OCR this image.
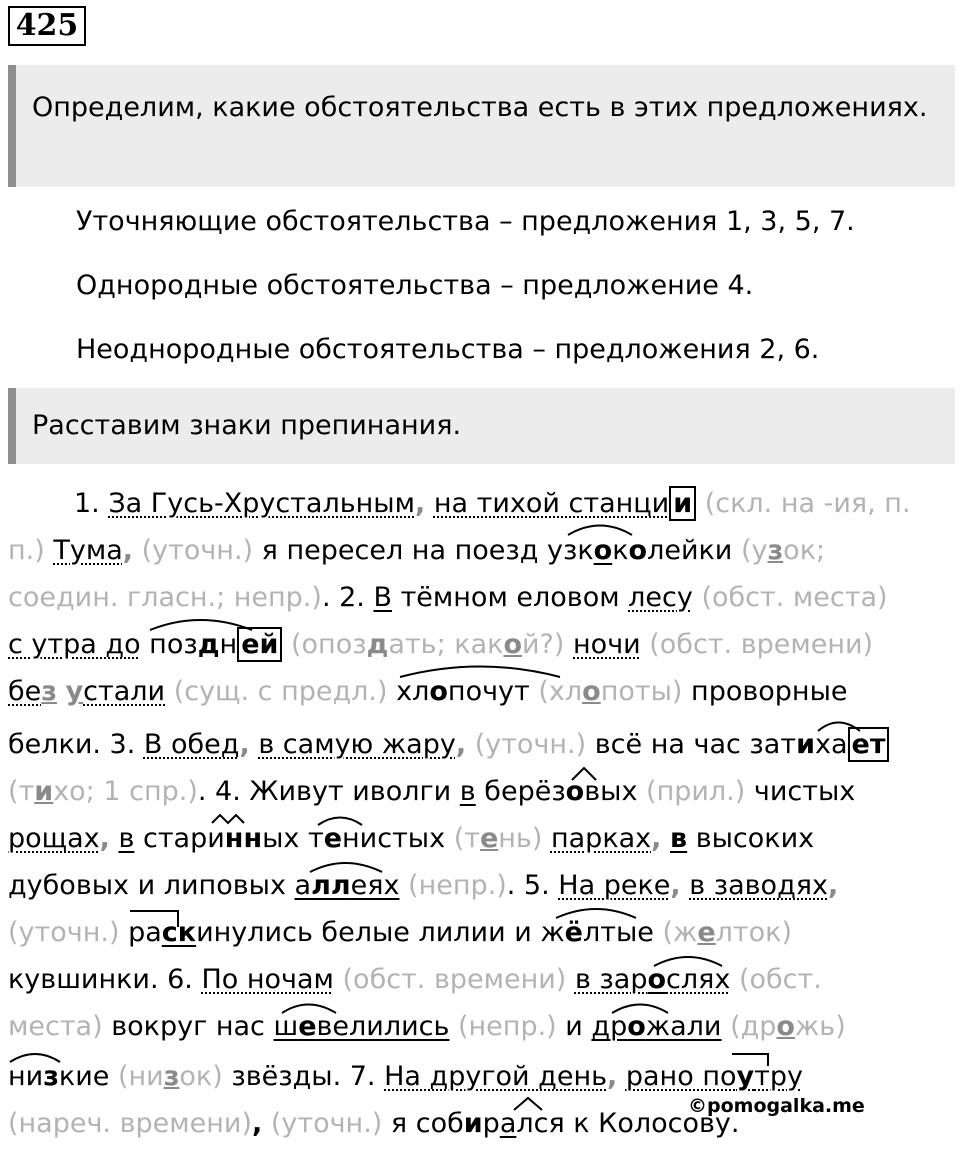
425
Определим, какие обстоятельства есть в этих предложениях.
Уточняющие обстоятельства – предложения 1, 3, 5, 7.
Однородные обстоятельства – предложение 4.
Неоднородные обстоятельства – предложения 2, 6.
Расставим знаки препинания.
1. За Гусь-Хрустальным, на тихой станци и (скл. на -ия, п.
п.) Тума, (уточн.) я пересел на поезд узкоколейки (узок;
соедин. гласн.; непр.). 2. В тёмном еловом лесу (обст. места)
с утра до поздн ей (опоздать; какой?) ночи (обст. времени)
без устали (сущ. с предл.) хлопочут (хлопоты) проворные
белки. 3. В обед, в самую жару, (уточн.) всё на час затиха ет
(тихо; 1 спр.). 4. Живут иволги в берёзовых (прил.) чистых
рощах, в старинных тенистых (тень) парках, в высоких
дубовых и липовых аллеях (непр.). 5. На реке, в заводях,
(уточн.) раскинулись белые лилии и жёлтые (желток)
кувшинки. 6. По ночам (обст. времени) в зарослях (обст.
места) вокруг нас шевелились (непр.) и дрожали (дрожь)
низкие (низок) звёзды. 7. На другой день, рано поутру
(нареч. времени), (уточн.) я собирался к Колосову.
©pomogalka.me
